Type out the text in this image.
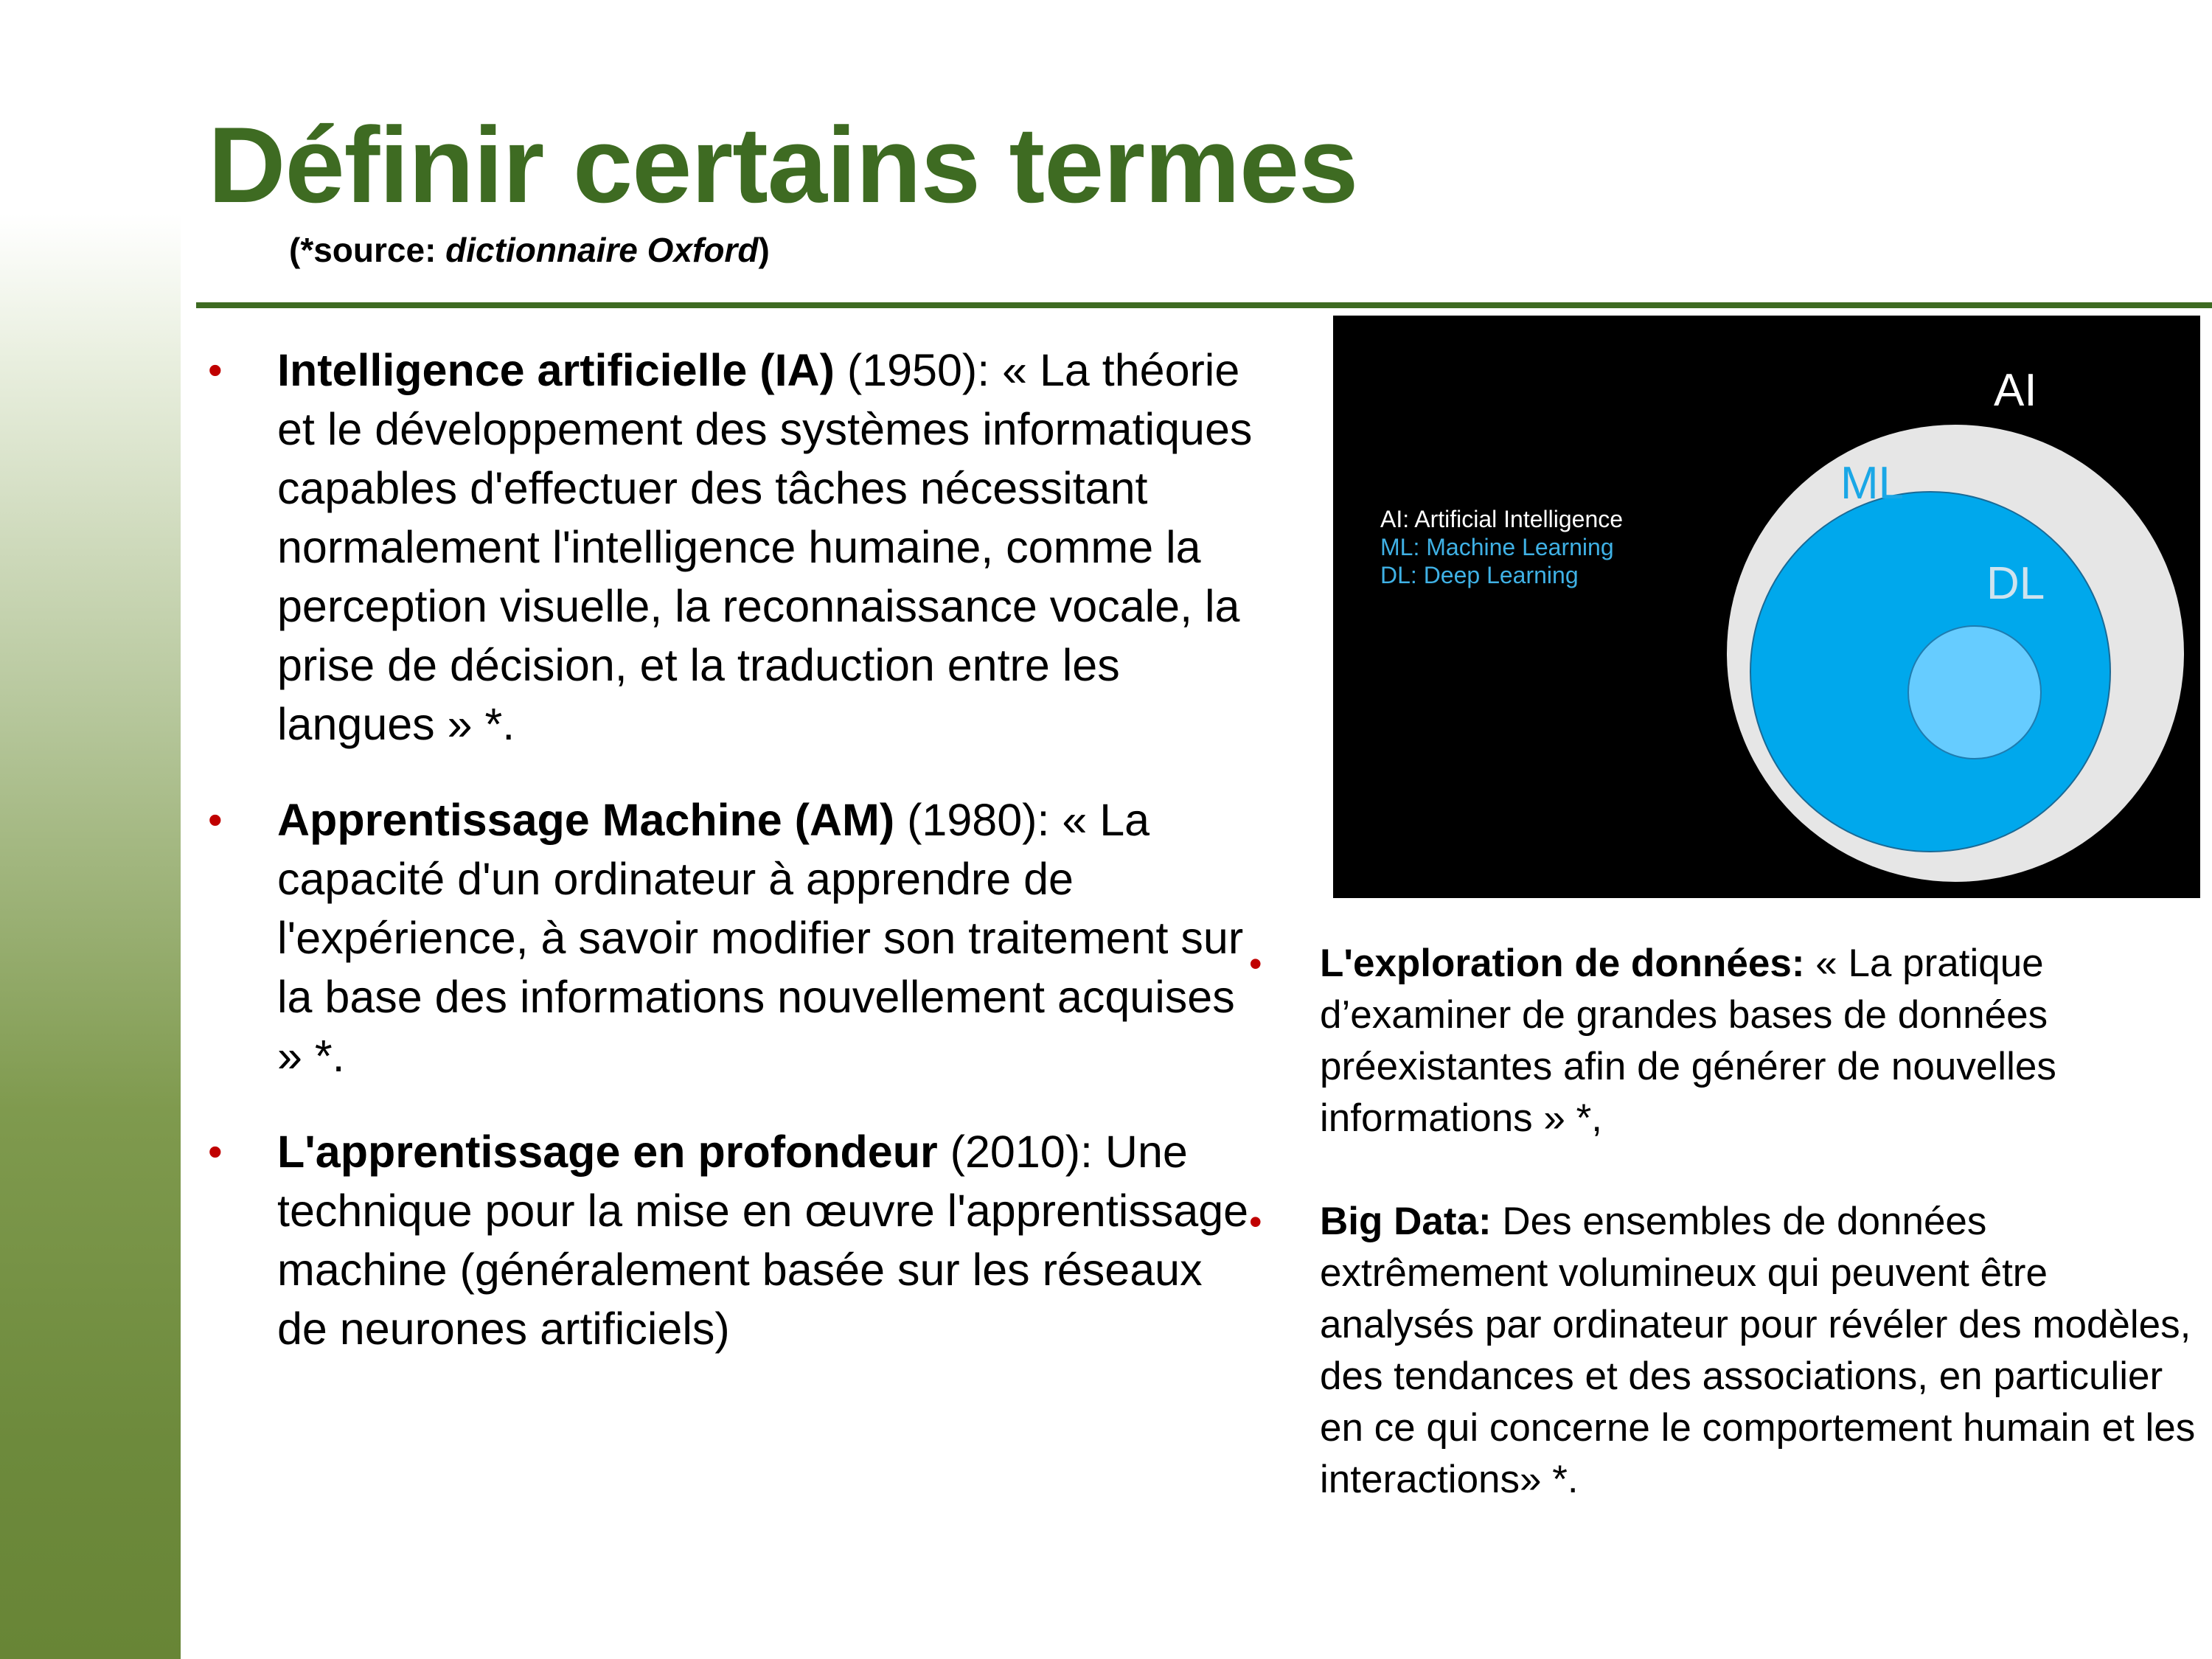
Définir certains termes
(*source: dictionnaire Oxford)
• Intelligence artificielle (IA) (1950): « La théorie et le développement des systèmes informatiques capables d'effectuer des tâches nécessitant normalement l'intelligence humaine, comme la perception visuelle, la reconnaissance vocale, la prise de décision, et la traduction entre les langues » *.
• Apprentissage Machine (AM) (1980): « La capacité d'un ordinateur à apprendre de l'expérience, à savoir modifier son traitement sur la base des informations nouvellement acquises » *.
• L'apprentissage en profondeur (2010): Une technique pour la mise en œuvre l'apprentissage machine (généralement basée sur les réseaux de neurones artificiels)
AI
ML
DL
AI: Artificial Intelligence
ML: Machine Learning
DL: Deep Learning
• L'exploration de données: « La pratique d’examiner de grandes bases de données préexistantes afin de générer de nouvelles informations » *,
• Big Data: Des ensembles de données extrêmement volumineux qui peuvent être analysés par ordinateur pour révéler des modèles, des tendances et des associations, en particulier en ce qui concerne le comportement humain et les interactions» *.
